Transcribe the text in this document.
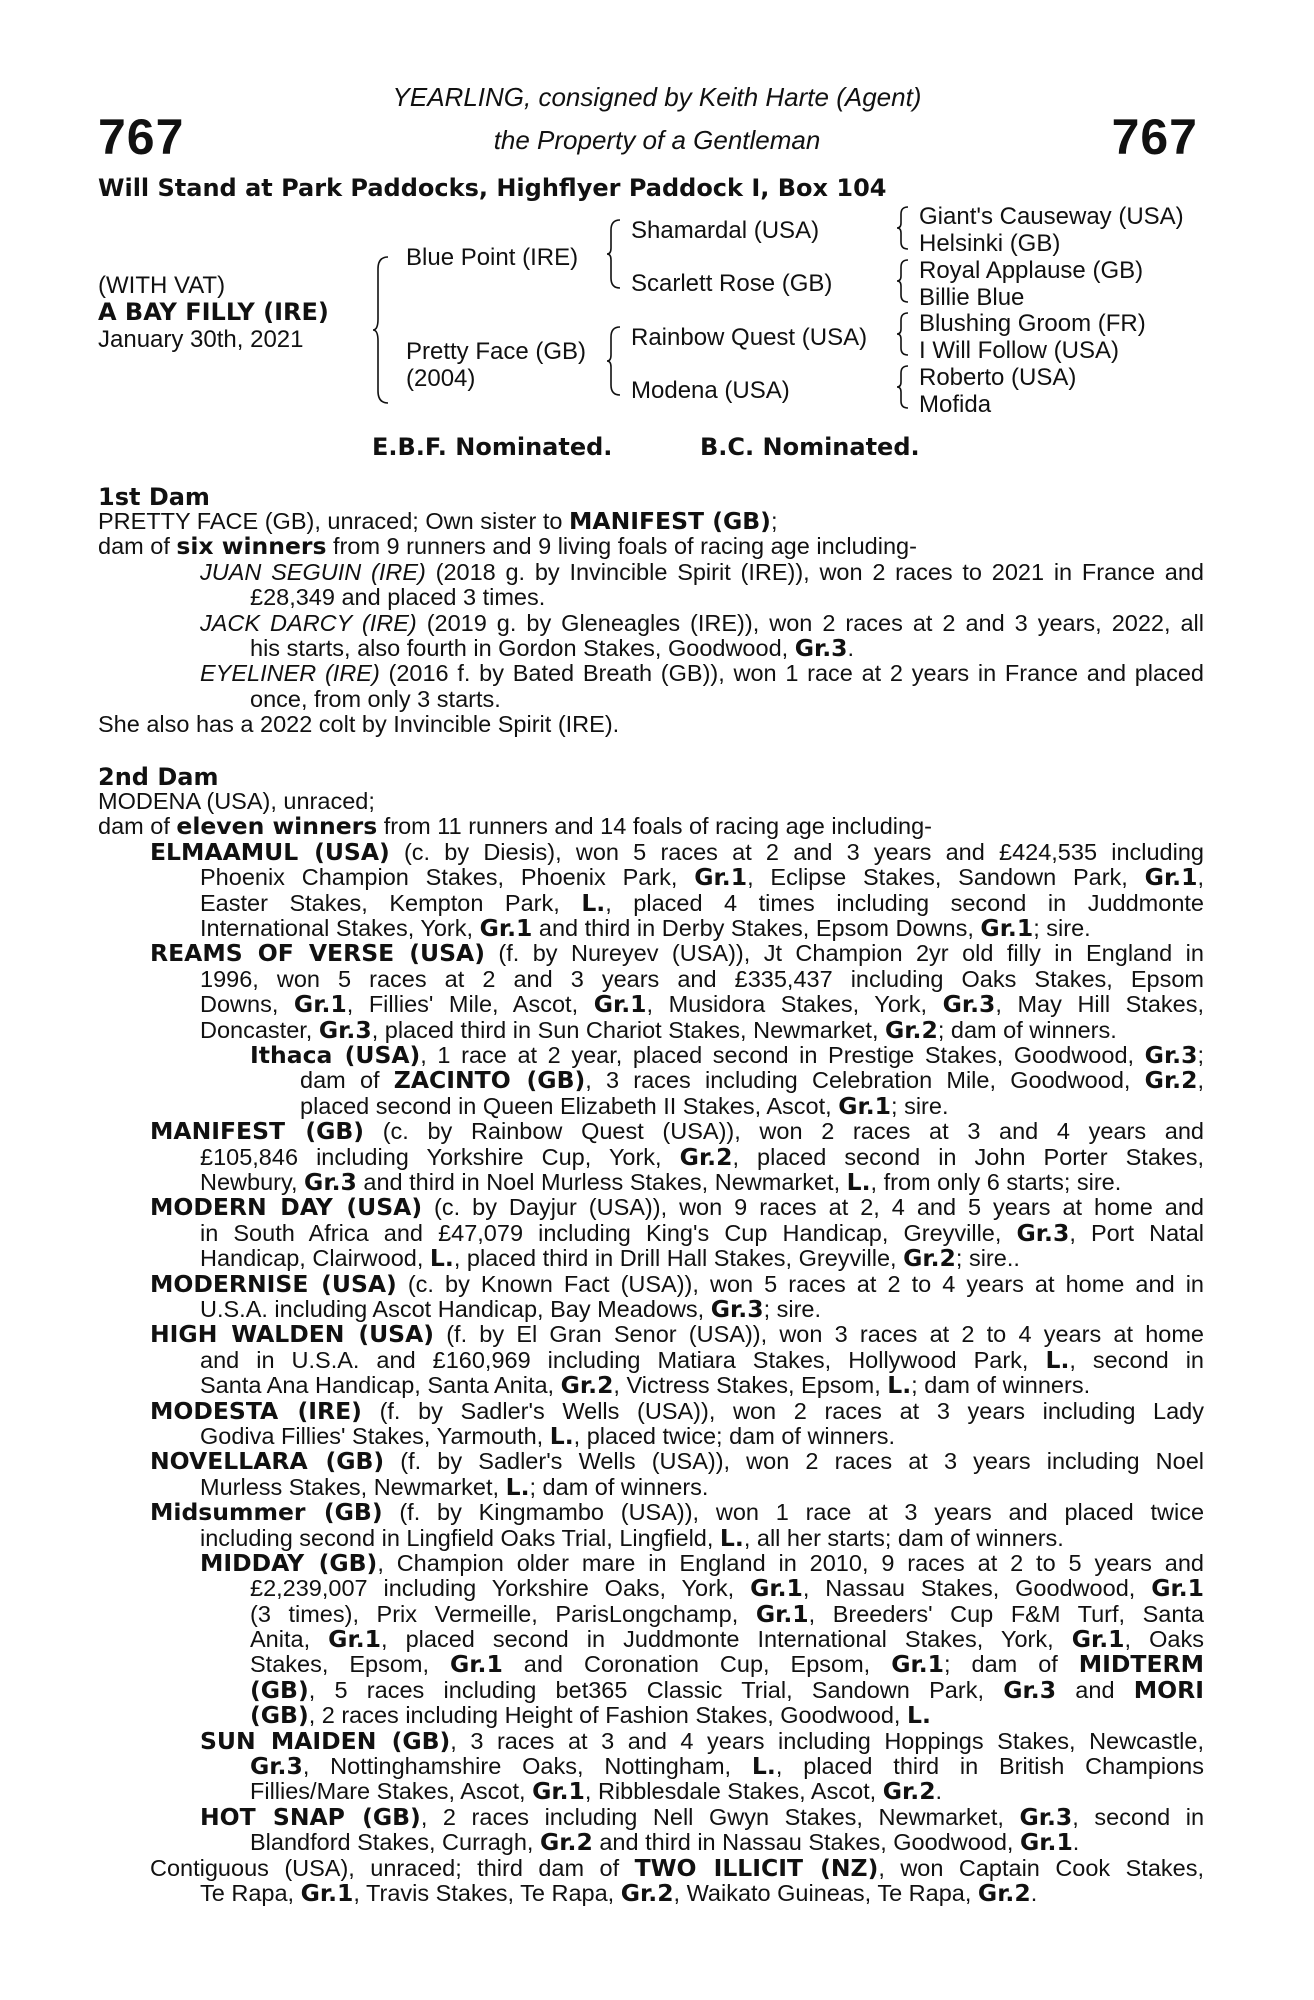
767	767
YEARLING, consigned by Keith Harte (Agent)
the Property of a Gentleman
Will Stand at Park Paddocks, Highflyer Paddock I, Box 104
(WITH VAT)
A BAY FILLY (IRE)
January 30th, 2021
Blue Point (IRE)
Pretty Face (GB)
(2004)
Shamardal (USA)
Scarlett Rose (GB)
Rainbow Quest (USA)
Modena (USA)
Giant's Causeway (USA)
Helsinki (GB)
Royal Applause (GB)
Billie Blue
Blushing Groom (FR)
I Will Follow (USA)
Roberto (USA)
Mofida
E.B.F. Nominated.	B.C. Nominated.
1st Dam
PRETTY FACE (GB), unraced; Own sister to MANIFEST (GB);
dam of six winners from 9 runners and 9 living foals of racing age including-
JUAN SEGUIN (IRE) (2018 g. by Invincible Spirit (IRE)), won 2 races to 2021 in France and
£28,349 and placed 3 times.
JACK DARCY (IRE) (2019 g. by Gleneagles (IRE)), won 2 races at 2 and 3 years, 2022, all
his starts, also fourth in Gordon Stakes, Goodwood, Gr.3.
EYELINER (IRE) (2016 f. by Bated Breath (GB)), won 1 race at 2 years in France and placed
once, from only 3 starts.
She also has a 2022 colt by Invincible Spirit (IRE).
2nd Dam
MODENA (USA), unraced;
dam of eleven winners from 11 runners and 14 foals of racing age including-
ELMAAMUL (USA) (c. by Diesis), won 5 races at 2 and 3 years and £424,535 including
Phoenix Champion Stakes, Phoenix Park, Gr.1, Eclipse Stakes, Sandown Park, Gr.1,
Easter Stakes, Kempton Park, L., placed 4 times including second in Juddmonte
International Stakes, York, Gr.1 and third in Derby Stakes, Epsom Downs, Gr.1; sire.
REAMS OF VERSE (USA) (f. by Nureyev (USA)), Jt Champion 2yr old filly in England in
1996, won 5 races at 2 and 3 years and £335,437 including Oaks Stakes, Epsom
Downs, Gr.1, Fillies' Mile, Ascot, Gr.1, Musidora Stakes, York, Gr.3, May Hill Stakes,
Doncaster, Gr.3, placed third in Sun Chariot Stakes, Newmarket, Gr.2; dam of winners.
Ithaca (USA), 1 race at 2 year, placed second in Prestige Stakes, Goodwood, Gr.3;
dam of ZACINTO (GB), 3 races including Celebration Mile, Goodwood, Gr.2,
placed second in Queen Elizabeth II Stakes, Ascot, Gr.1; sire.
MANIFEST (GB) (c. by Rainbow Quest (USA)), won 2 races at 3 and 4 years and
£105,846 including Yorkshire Cup, York, Gr.2, placed second in John Porter Stakes,
Newbury, Gr.3 and third in Noel Murless Stakes, Newmarket, L., from only 6 starts; sire.
MODERN DAY (USA) (c. by Dayjur (USA)), won 9 races at 2, 4 and 5 years at home and
in South Africa and £47,079 including King's Cup Handicap, Greyville, Gr.3, Port Natal
Handicap, Clairwood, L., placed third in Drill Hall Stakes, Greyville, Gr.2; sire..
MODERNISE (USA) (c. by Known Fact (USA)), won 5 races at 2 to 4 years at home and in
U.S.A. including Ascot Handicap, Bay Meadows, Gr.3; sire.
HIGH WALDEN (USA) (f. by El Gran Senor (USA)), won 3 races at 2 to 4 years at home
and in U.S.A. and £160,969 including Matiara Stakes, Hollywood Park, L., second in
Santa Ana Handicap, Santa Anita, Gr.2, Victress Stakes, Epsom, L.; dam of winners.
MODESTA (IRE) (f. by Sadler's Wells (USA)), won 2 races at 3 years including Lady
Godiva Fillies' Stakes, Yarmouth, L., placed twice; dam of winners.
NOVELLARA (GB) (f. by Sadler's Wells (USA)), won 2 races at 3 years including Noel
Murless Stakes, Newmarket, L.; dam of winners.
Midsummer (GB) (f. by Kingmambo (USA)), won 1 race at 3 years and placed twice
including second in Lingfield Oaks Trial, Lingfield, L., all her starts; dam of winners.
MIDDAY (GB), Champion older mare in England in 2010, 9 races at 2 to 5 years and
£2,239,007 including Yorkshire Oaks, York, Gr.1, Nassau Stakes, Goodwood, Gr.1
(3 times), Prix Vermeille, ParisLongchamp, Gr.1, Breeders' Cup F&M Turf, Santa
Anita, Gr.1, placed second in Juddmonte International Stakes, York, Gr.1, Oaks
Stakes, Epsom, Gr.1 and Coronation Cup, Epsom, Gr.1; dam of MIDTERM
(GB), 5 races including bet365 Classic Trial, Sandown Park, Gr.3 and MORI
(GB), 2 races including Height of Fashion Stakes, Goodwood, L.
SUN MAIDEN (GB), 3 races at 3 and 4 years including Hoppings Stakes, Newcastle,
Gr.3, Nottinghamshire Oaks, Nottingham, L., placed third in British Champions
Fillies/Mare Stakes, Ascot, Gr.1, Ribblesdale Stakes, Ascot, Gr.2.
HOT SNAP (GB), 2 races including Nell Gwyn Stakes, Newmarket, Gr.3, second in
Blandford Stakes, Curragh, Gr.2 and third in Nassau Stakes, Goodwood, Gr.1.
Contiguous (USA), unraced; third dam of TWO ILLICIT (NZ), won Captain Cook Stakes,
Te Rapa, Gr.1, Travis Stakes, Te Rapa, Gr.2, Waikato Guineas, Te Rapa, Gr.2.
